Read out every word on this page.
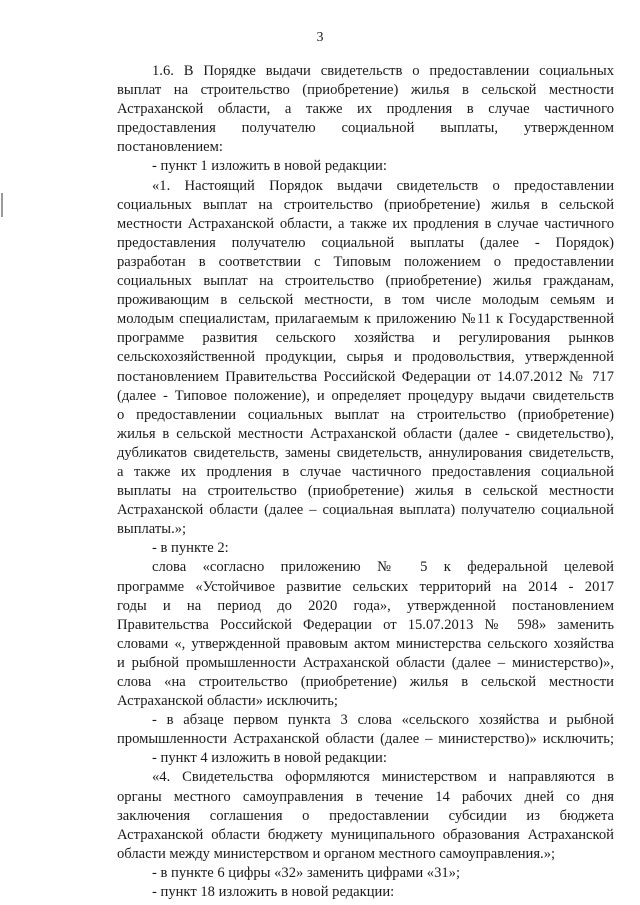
3
1.6. В Порядке выдачи свидетельств о предоставлении социальных
выплат на строительство (приобретение) жилья в сельской местности
Астраханской области, а также их продления в случае частичного
предоставления получателю социальной выплаты, утвержденном
постановлением:
- пункт 1 изложить в новой редакции:
«1. Настоящий Порядок выдачи свидетельств о предоставлении
социальных выплат на строительство (приобретение) жилья в сельской
местности Астраханской области, а также их продления в случае частичного
предоставления получателю социальной выплаты (далее - Порядок)
разработан в соответствии с Типовым положением о предоставлении
социальных выплат на строительство (приобретение) жилья гражданам,
проживающим в сельской местности, в том числе молодым семьям и
молодым специалистам, прилагаемым к приложению №11 к Государственной
программе развития сельского хозяйства и регулирования рынков
сельскохозяйственной продукции, сырья и продовольствия, утвержденной
постановлением Правительства Российской Федерации от 14.07.2012 № 717
(далее - Типовое положение), и определяет процедуру выдачи свидетельств
о предоставлении социальных выплат на строительство (приобретение)
жилья в сельской местности Астраханской области (далее - свидетельство),
дубликатов свидетельств, замены свидетельств, аннулирования свидетельств,
а также их продления в случае частичного предоставления социальной
выплаты на строительство (приобретение) жилья в сельской местности
Астраханской области (далее – социальная выплата) получателю социальной
выплаты.»;
- в пункте 2:
слова «согласно приложению № 5 к федеральной целевой
программе «Устойчивое развитие сельских территорий на 2014 - 2017
годы и на период до 2020 года», утвержденной постановлением
Правительства Российской Федерации от 15.07.2013 № 598» заменить
словами «, утвержденной правовым актом министерства сельского хозяйства
и рыбной промышленности Астраханской области (далее – министерство)»,
слова «на строительство (приобретение) жилья в сельской местности
Астраханской области» исключить;
- в абзаце первом пункта 3 слова «сельского хозяйства и рыбной
промышленности Астраханской области (далее – министерство)» исключить;
- пункт 4 изложить в новой редакции:
«4. Свидетельства оформляются министерством и направляются в
органы местного самоуправления в течение 14 рабочих дней со дня
заключения соглашения о предоставлении субсидии из бюджета
Астраханской области бюджету муниципального образования Астраханской
области между министерством и органом местного самоуправления.»;
- в пункте 6 цифры «32» заменить цифрами «31»;
- пункт 18 изложить в новой редакции:
